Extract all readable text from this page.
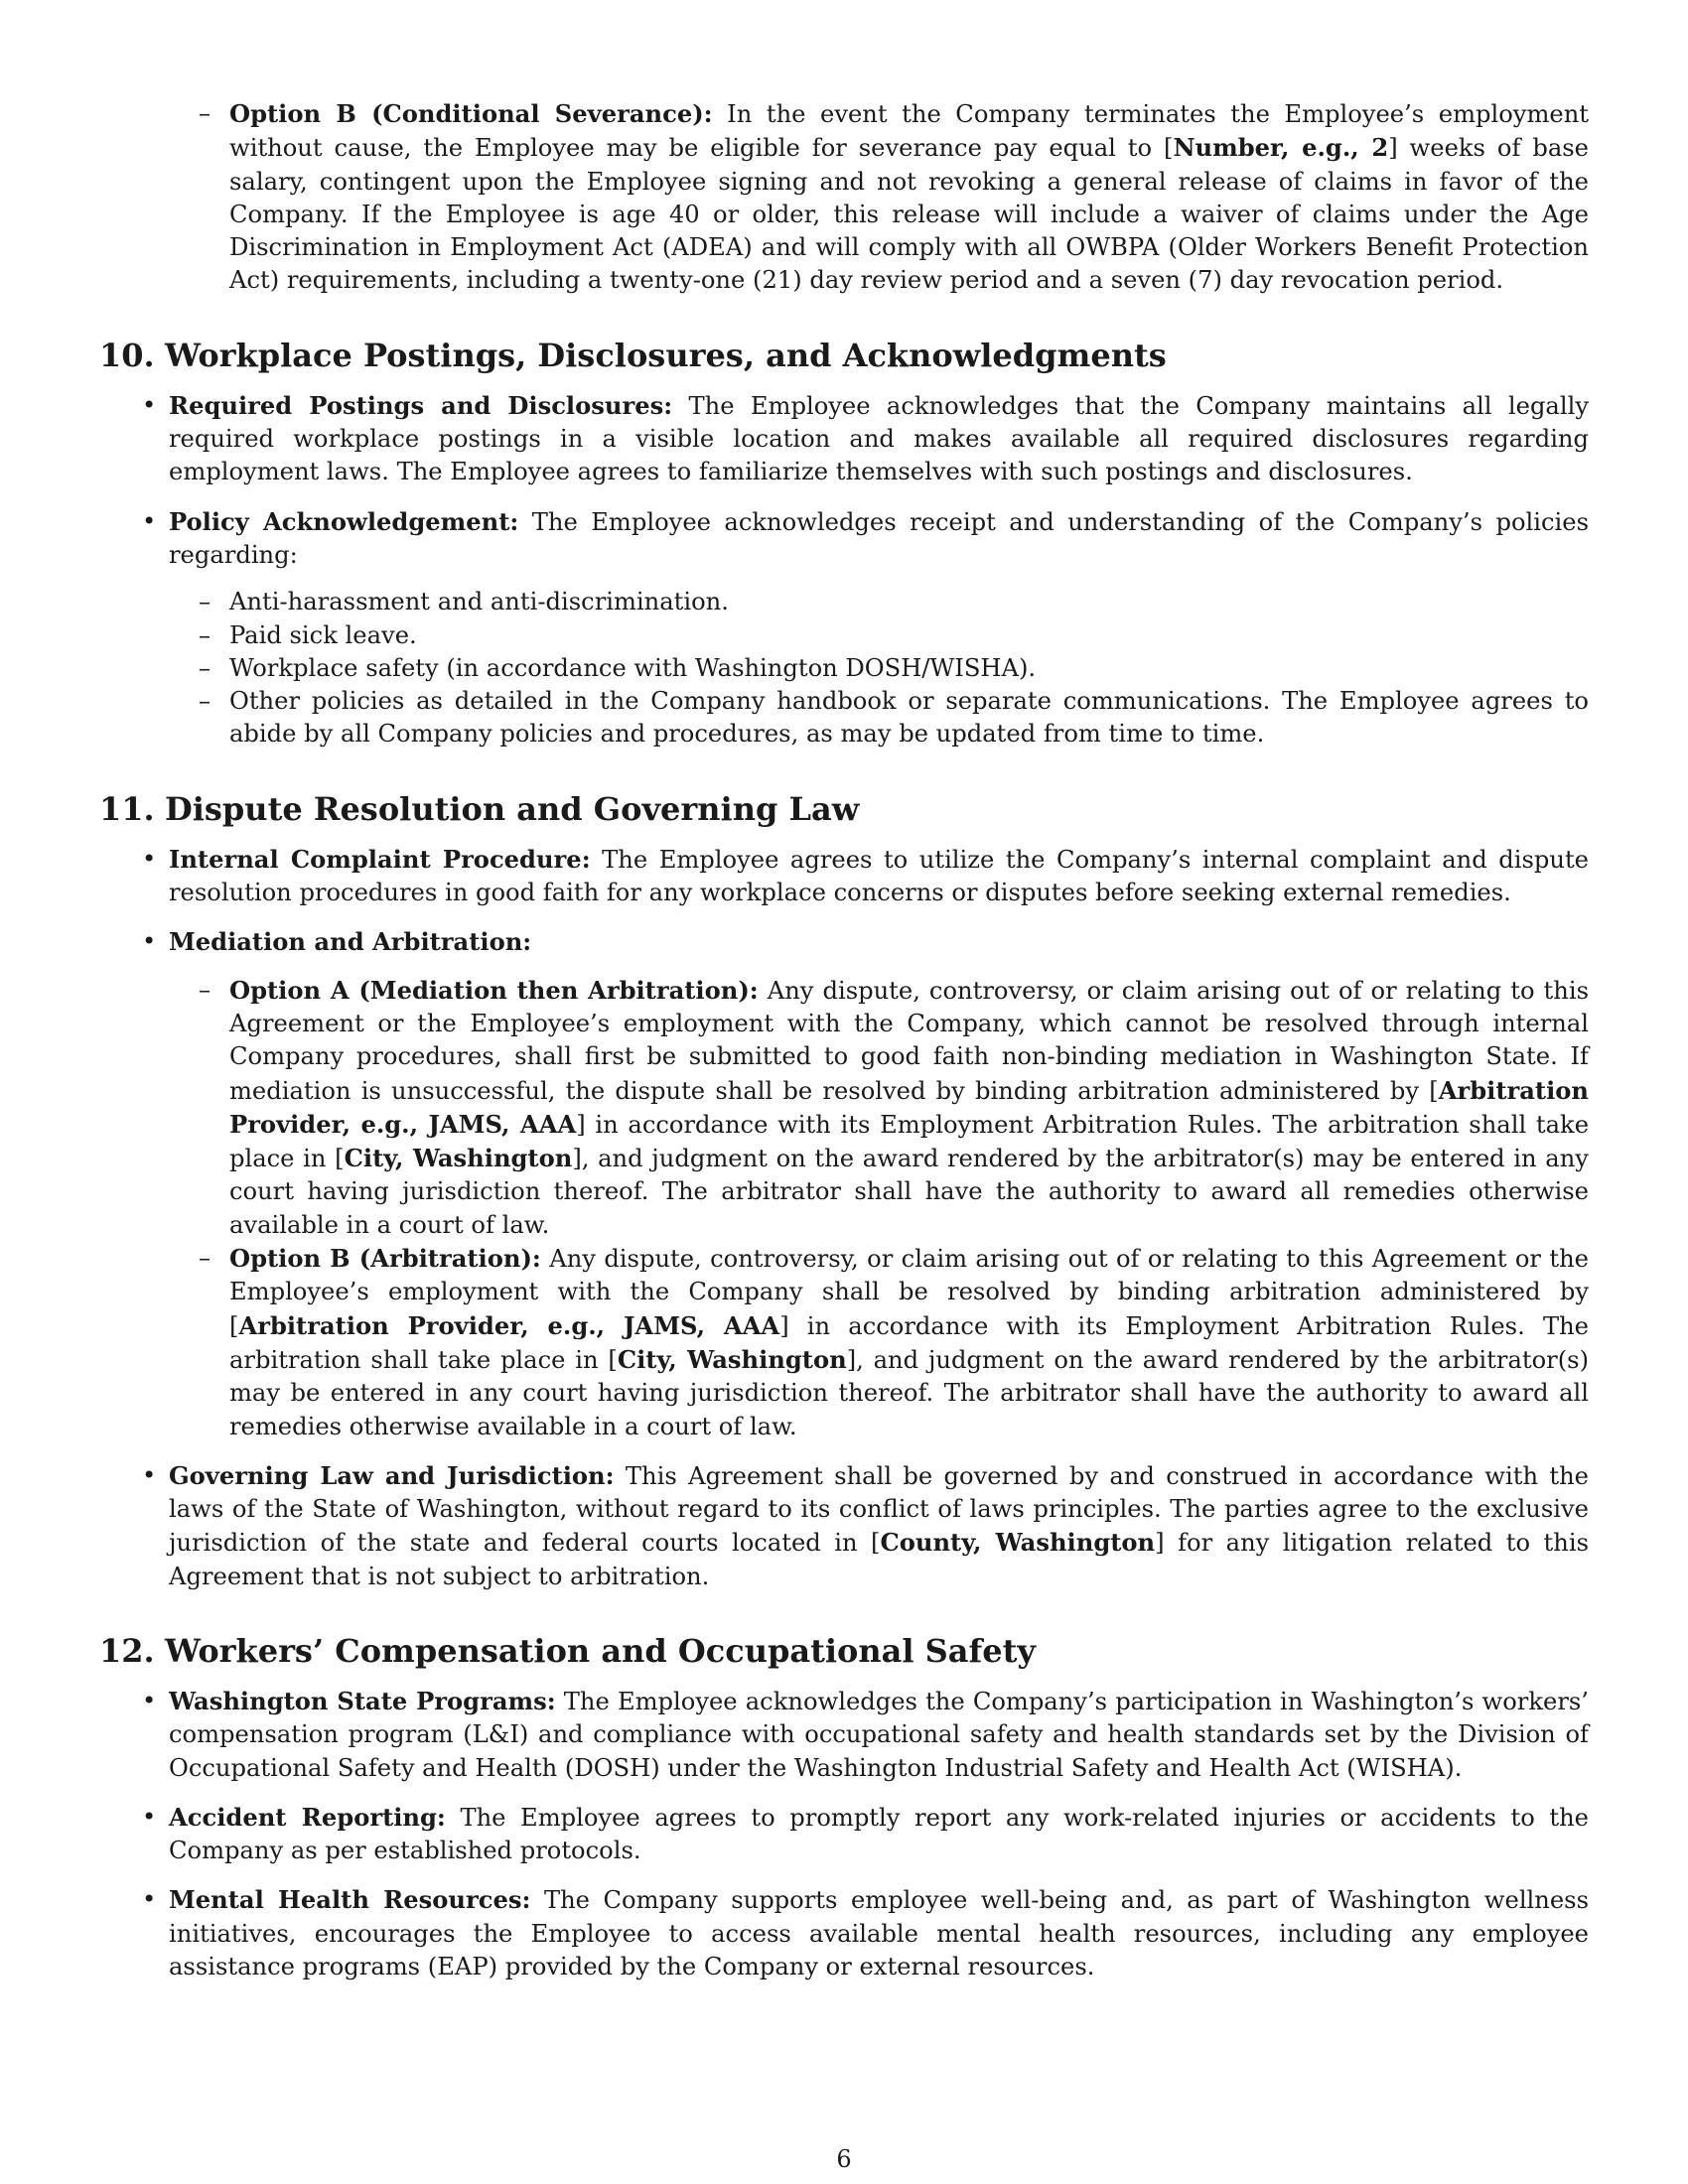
– Option B (Conditional Severance): In the event the Company terminates the Employee’s employment without cause, the Employee may be eligible for severance pay equal to [Number, e.g., 2] weeks of base salary, contingent upon the Employee signing and not revoking a general release of claims in favor of the Company. If the Employee is age 40 or older, this release will include a waiver of claims under the Age Discrimination in Employment Act (ADEA) and will comply with all OWBPA (Older Workers Benefit Protection Act) requirements, including a twenty-one (21) day review period and a seven (7) day revocation period.

10. Workplace Postings, Disclosures, and Acknowledgments

• Required Postings and Disclosures: The Employee acknowledges that the Company maintains all legally required workplace postings in a visible location and makes available all required disclosures regarding employment laws. The Employee agrees to familiarize themselves with such postings and disclosures.

• Policy Acknowledgement: The Employee acknowledges receipt and understanding of the Company’s policies regarding:

– Anti-harassment and anti-discrimination.

– Paid sick leave.

– Workplace safety (in accordance with Washington DOSH/WISHA).

– Other policies as detailed in the Company handbook or separate communications. The Employee agrees to abide by all Company policies and procedures, as may be updated from time to time.

11. Dispute Resolution and Governing Law

• Internal Complaint Procedure: The Employee agrees to utilize the Company’s internal complaint and dispute resolution procedures in good faith for any workplace concerns or disputes before seeking external remedies.

• Mediation and Arbitration:

– Option A (Mediation then Arbitration): Any dispute, controversy, or claim arising out of or relating to this Agreement or the Employee’s employment with the Company, which cannot be resolved through internal Company procedures, shall first be submitted to good faith non-binding mediation in Washington State. If mediation is unsuccessful, the dispute shall be resolved by binding arbitration administered by [Arbitration Provider, e.g., JAMS, AAA] in accordance with its Employment Arbitration Rules. The arbitration shall take place in [City, Washington], and judgment on the award rendered by the arbitrator(s) may be entered in any court having jurisdiction thereof. The arbitrator shall have the authority to award all remedies otherwise available in a court of law.

– Option B (Arbitration): Any dispute, controversy, or claim arising out of or relating to this Agreement or the Employee’s employment with the Company shall be resolved by binding arbitration administered by [Arbitration Provider, e.g., JAMS, AAA] in accordance with its Employment Arbitration Rules. The arbitration shall take place in [City, Washington], and judgment on the award rendered by the arbitrator(s) may be entered in any court having jurisdiction thereof. The arbitrator shall have the authority to award all remedies otherwise available in a court of law.

• Governing Law and Jurisdiction: This Agreement shall be governed by and construed in accordance with the laws of the State of Washington, without regard to its conflict of laws principles. The parties agree to the exclusive jurisdiction of the state and federal courts located in [County, Washington] for any litigation related to this Agreement that is not subject to arbitration.

12. Workers’ Compensation and Occupational Safety

• Washington State Programs: The Employee acknowledges the Company’s participation in Washington’s workers’ compensation program (L&I) and compliance with occupational safety and health standards set by the Division of Occupational Safety and Health (DOSH) under the Washington Industrial Safety and Health Act (WISHA).

• Accident Reporting: The Employee agrees to promptly report any work-related injuries or accidents to the Company as per established protocols.

• Mental Health Resources: The Company supports employee well-being and, as part of Washington wellness initiatives, encourages the Employee to access available mental health resources, including any employee assistance programs (EAP) provided by the Company or external resources.

6
